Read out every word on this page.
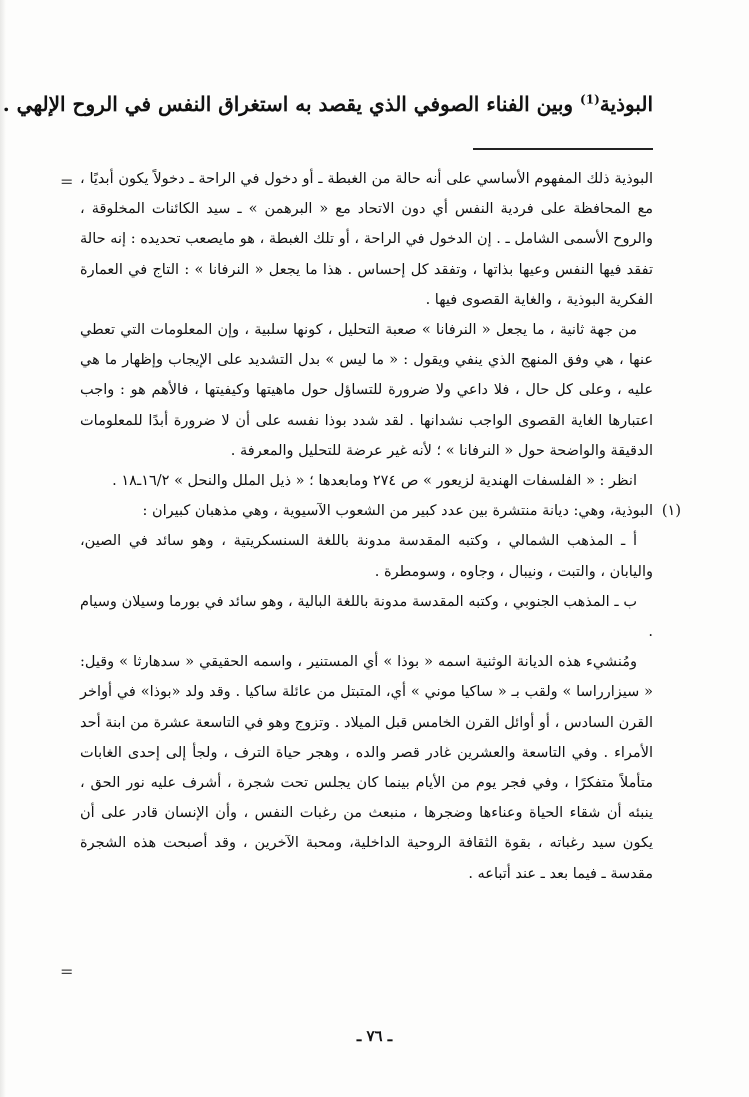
البوذية$^{(1)}$ وبين الفناء الصوفي الذي يقصد به استغراق النفس في الروح الإلهي .
=
=

البوذية ذلك المفهوم الأساسي على أنه حالة من الغبطة ـ أو دخول في الراحة ـ دخولاً يكون أبديًا ، مع المحافظة على فردية النفس أي دون الاتحاد مع « البرهمن » ـ سيد الكائنات المخلوقة ، والروح الأسمى الشامل ـ . إن الدخول في الراحة ، أو تلك الغبطة ، هو مايصعب تحديده : إنه حالة تفقد فيها النفس وعيها بذاتها ، وتفقد كل إحساس . هذا ما يجعل « النرفانا » : التاج في العمارة الفكرية البوذية ، والغاية القصوى فيها .

من جهة ثانية ، ما يجعل « النرفانا » صعبة التحليل ، كونها سلبية ، وإن المعلومات التي تعطي عنها ، هي وفق المنهج الذي ينفي ويقول : « ما ليس » بدل التشديد على الإيجاب وإظهار ما هي عليه ، وعلى كل حال ، فلا داعي ولا ضرورة للتساؤل حول ماهيتها وكيفيتها ، فالأهم هو : واجب اعتبارها الغاية القصوى الواجب نشدانها . لقد شدد بوذا نفسه على أن لا ضرورة أبدًا للمعلومات الدقيقة والواضحة حول « النرفانا » ؛ لأنه غير عرضة للتحليل والمعرفة .

انظر : « الفلسفات الهندية لزيعور » ص ٢٧٤ ومابعدها ؛ « ذيل الملل والنحل » ١٦/٢ـ١٨ .

(١)

البوذية، وهي: ديانة منتشرة بين عدد كبير من الشعوب الآسيوية ، وهي مذهبان كبيران :

أ ـ المذهب الشمالي ، وكتبه المقدسة مدونة باللغة السنسكريتية ، وهو سائد في الصين، واليابان ، والتبت ، ونيبال ، وجاوه ، وسومطرة .

ب ـ المذهب الجنوبي ، وكتبه المقدسة مدونة باللغة البالية ، وهو سائد في بورما وسيلان وسيام .

ومُنشيء هذه الديانة الوثنية اسمه « بوذا » أي المستنير ، واسمه الحقيقي « سدهارثا » وقيل: « سيزارراسا » ولقب بـ « ساكيا موني » أي، المتبتل من عائلة ساكيا . وقد ولد «بوذا» في أواخر القرن السادس ، أو أوائل القرن الخامس قبل الميلاد . وتزوج وهو في التاسعة عشرة من ابنة أحد الأمراء . وفي التاسعة والعشرين غادر قصر والده ، وهجر حياة الترف ، ولجأ إلى إحدى الغابات متأملاً متفكرًا ، وفي فجر يوم من الأيام بينما كان يجلس تحت شجرة ، أشرف عليه نور الحق ، ينبئه أن شقاء الحياة وعناءها وضجرها ، منبعث من رغبات النفس ، وأن الإنسان قادر على أن يكون سيد رغباته ، بقوة الثقافة الروحية الداخلية، ومحبة الآخرين ، وقد أصبحت هذه الشجرة مقدسة ـ فيما بعد ـ عند أتباعه .

ـ ٧٦ ـ
